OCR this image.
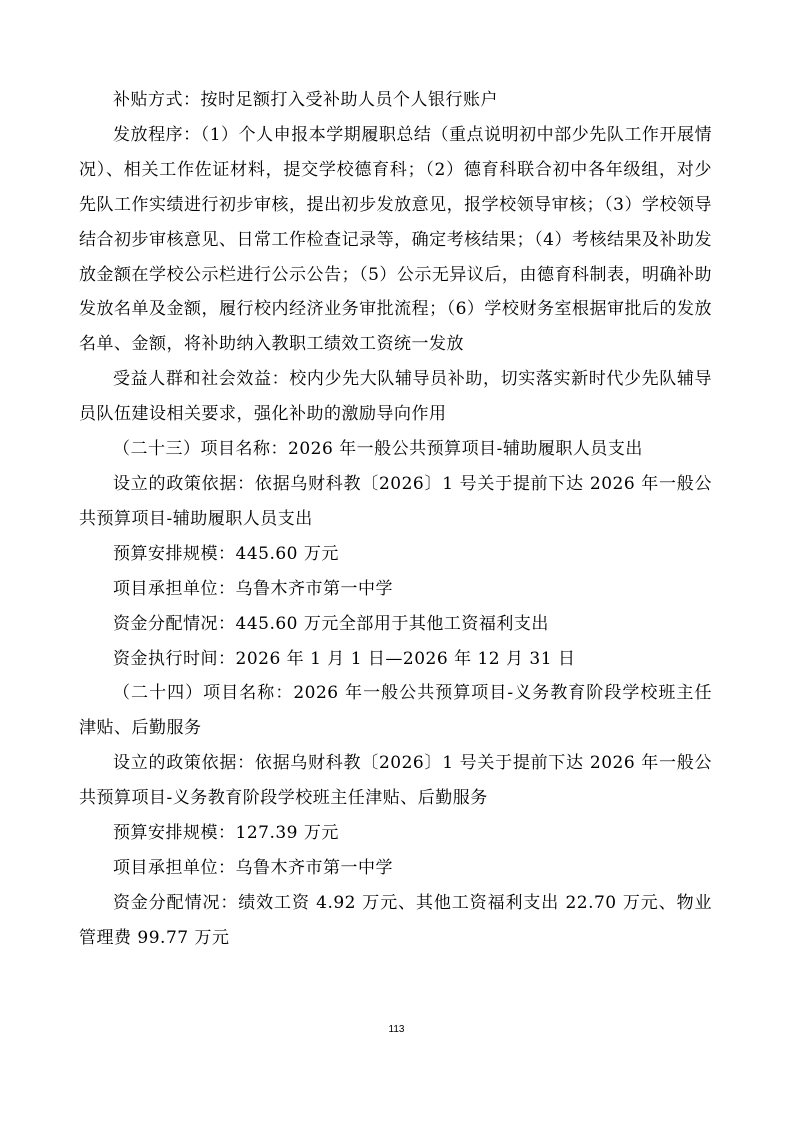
补贴方式：按时足额打入受补助人员个人银行账户

发放程序：（1）个人申报本学期履职总结（重点说明初中部少先队工作开展情况）、相关工作佐证材料，提交学校德育科；（2）德育科联合初中各年级组，对少先队工作实绩进行初步审核，提出初步发放意见，报学校领导审核；（3）学校领导结合初步审核意见、日常工作检查记录等，确定考核结果；（4）考核结果及补助发放金额在学校公示栏进行公示公告；（5）公示无异议后，由德育科制表，明确补助发放名单及金额，履行校内经济业务审批流程；（6）学校财务室根据审批后的发放名单、金额，将补助纳入教职工绩效工资统一发放

受益人群和社会效益：校内少先大队辅导员补助，切实落实新时代少先队辅导员队伍建设相关要求，强化补助的激励导向作用

（二十三）项目名称：2026 年一般公共预算项目-辅助履职人员支出

设立的政策依据：依据乌财科教〔2026〕1 号关于提前下达 2026 年一般公共预算项目-辅助履职人员支出

预算安排规模：445.60 万元

项目承担单位：乌鲁木齐市第一中学

资金分配情况：445.60 万元全部用于其他工资福利支出

资金执行时间：2026 年 1 月 1 日—2026 年 12 月 31 日

（二十四）项目名称：2026 年一般公共预算项目-义务教育阶段学校班主任津贴、后勤服务

设立的政策依据：依据乌财科教〔2026〕1 号关于提前下达 2026 年一般公共预算项目-义务教育阶段学校班主任津贴、后勤服务

预算安排规模：127.39 万元

项目承担单位：乌鲁木齐市第一中学

资金分配情况：绩效工资 4.92 万元、其他工资福利支出 22.70 万元、物业管理费 99.77 万元

113
